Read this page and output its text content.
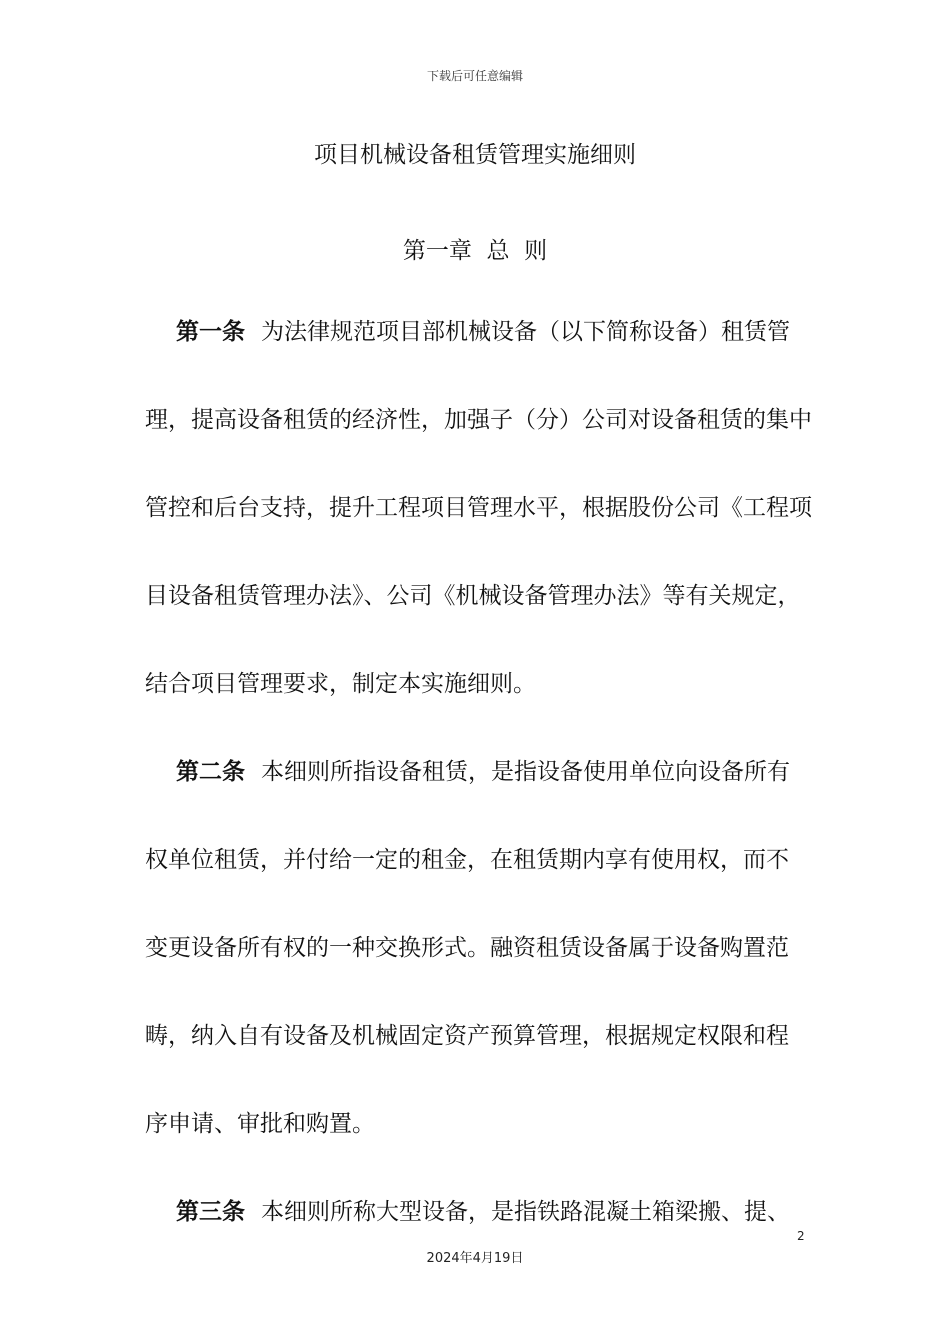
下载后可任意编辑
项目机械设备租赁管理实施细则
第一章  总  则
第一条 为法律规范项目部机械设备（以下简称设备）租赁管
理，提高设备租赁的经济性，加强子（分）公司对设备租赁的集中
管控和后台支持，提升工程项目管理水平，根据股份公司《工程项
目设备租赁管理办法》、公司《机械设备管理办法》等有关规定，
结合项目管理要求，制定本实施细则。
第二条 本细则所指设备租赁，是指设备使用单位向设备所有
权单位租赁，并付给一定的租金，在租赁期内享有使用权，而不
变更设备所有权的一种交换形式。融资租赁设备属于设备购置范
畴，纳入自有设备及机械固定资产预算管理，根据规定权限和程
序申请、审批和购置。
第三条 本细则所称大型设备，是指铁路混凝土箱梁搬、提、
2
2024年4月19日
